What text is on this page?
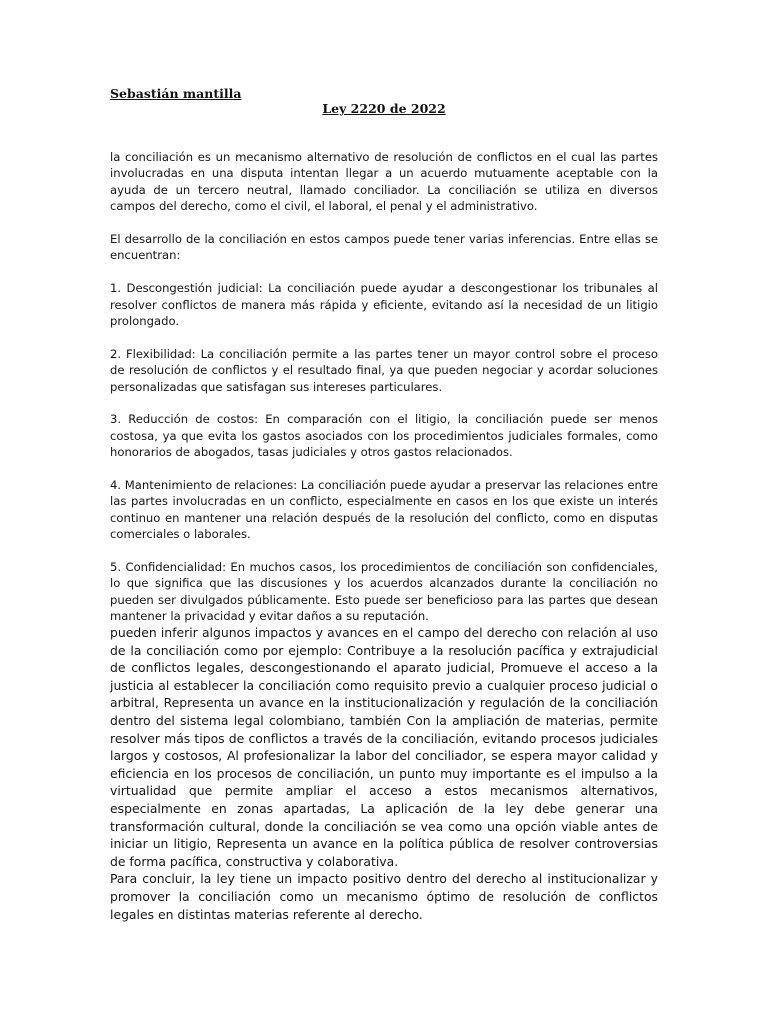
Sebastián mantilla
Ley 2220 de 2022

la conciliación es un mecanismo alternativo de resolución de conflictos en el cual las partes involucradas en una disputa intentan llegar a un acuerdo mutuamente aceptable con la ayuda de un tercero neutral, llamado conciliador. La conciliación se utiliza en diversos campos del derecho, como el civil, el laboral, el penal y el administrativo.

El desarrollo de la conciliación en estos campos puede tener varias inferencias. Entre ellas se encuentran:

1. Descongestión judicial: La conciliación puede ayudar a descongestionar los tribunales al resolver conflictos de manera más rápida y eficiente, evitando así la necesidad de un litigio prolongado.

2. Flexibilidad: La conciliación permite a las partes tener un mayor control sobre el proceso de resolución de conflictos y el resultado final, ya que pueden negociar y acordar soluciones personalizadas que satisfagan sus intereses particulares.

3. Reducción de costos: En comparación con el litigio, la conciliación puede ser menos costosa, ya que evita los gastos asociados con los procedimientos judiciales formales, como honorarios de abogados, tasas judiciales y otros gastos relacionados.

4. Mantenimiento de relaciones: La conciliación puede ayudar a preservar las relaciones entre las partes involucradas en un conflicto, especialmente en casos en los que existe un interés continuo en mantener una relación después de la resolución del conflicto, como en disputas comerciales o laborales.

5. Confidencialidad: En muchos casos, los procedimientos de conciliación son confidenciales, lo que significa que las discusiones y los acuerdos alcanzados durante la conciliación no pueden ser divulgados públicamente. Esto puede ser beneficioso para las partes que desean mantener la privacidad y evitar daños a su reputación.

pueden inferir algunos impactos y avances en el campo del derecho con relación al uso de la conciliación como por ejemplo: Contribuye a la resolución pacífica y extrajudicial de conflictos legales, descongestionando el aparato judicial, Promueve el acceso a la justicia al establecer la conciliación como requisito previo a cualquier proceso judicial o arbitral, Representa un avance en la institucionalización y regulación de la conciliación dentro del sistema legal colombiano, también Con la ampliación de materias, permite resolver más tipos de conflictos a través de la conciliación, evitando procesos judiciales largos y costosos, Al profesionalizar la labor del conciliador, se espera mayor calidad y eficiencia en los procesos de conciliación, un punto muy importante es el impulso a la virtualidad que permite ampliar el acceso a estos mecanismos alternativos, especialmente en zonas apartadas, La aplicación de la ley debe generar una transformación cultural, donde la conciliación se vea como una opción viable antes de iniciar un litigio, Representa un avance en la política pública de resolver controversias de forma pacífica, constructiva y colaborativa.

Para concluir, la ley tiene un impacto positivo dentro del derecho al institucionalizar y promover la conciliación como un mecanismo óptimo de resolución de conflictos legales en distintas materias referente al derecho.
